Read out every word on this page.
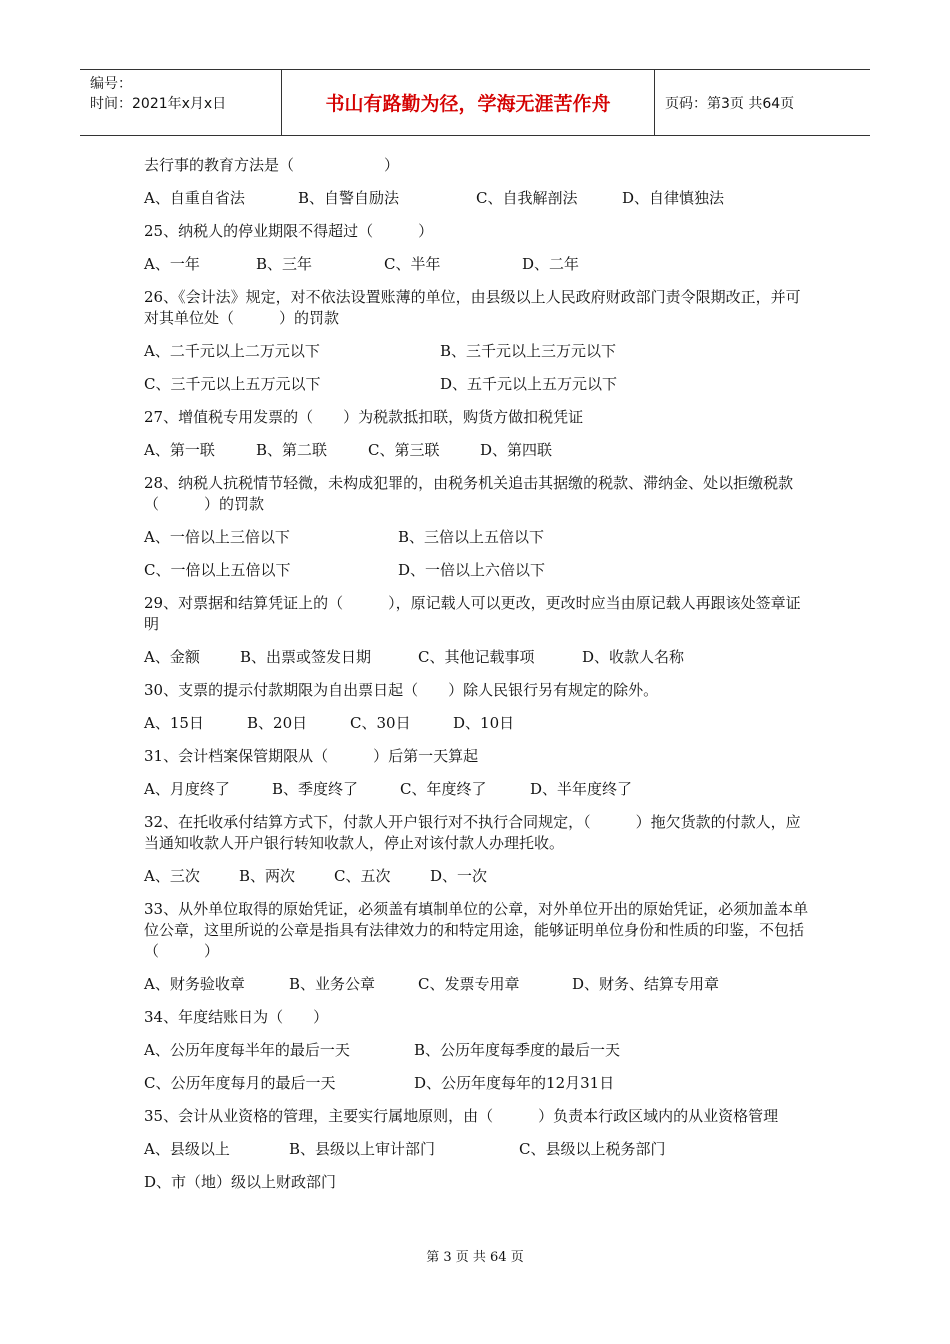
编号：
时间：2021年x月x日	书山有路勤为径，学海无涯苦作舟	页码：第3页 共64页

去行事的教育方法是（　　　　　　）

A、自重自省法	B、自警自励法	C、自我解剖法	D、自律慎独法

25、纳税人的停业期限不得超过（　　　）

A、一年	B、三年	C、半年	D、二年

26、《会计法》规定，对不依法设置账薄的单位，由县级以上人民政府财政部门责令限期改正，并可对其单位处（　　　）的罚款

A、二千元以上二万元以下	B、三千元以上三万元以下

C、三千元以上五万元以下	D、五千元以上五万元以下

27、增值税专用发票的（　　）为税款抵扣联，购货方做扣税凭证

A、第一联	B、第二联	C、第三联	D、第四联

28、纳税人抗税情节轻微，未构成犯罪的，由税务机关追击其据缴的税款、滞纳金、处以拒缴税款（　　　）的罚款

A、一倍以上三倍以下	B、三倍以上五倍以下

C、一倍以上五倍以下	D、一倍以上六倍以下

29、对票据和结算凭证上的（　　　），原记载人可以更改，更改时应当由原记载人再跟该处签章证明

A、金额	B、出票或签发日期	C、其他记载事项	D、收款人名称

30、支票的提示付款期限为自出票日起（　　）除人民银行另有规定的除外。

A、15日	B、20日	C、30日	D、10日

31、会计档案保管期限从（　　　）后第一天算起

A、月度终了	B、季度终了	C、年度终了	D、半年度终了

32、在托收承付结算方式下，付款人开户银行对不执行合同规定，（　　　）拖欠货款的付款人，应当通知收款人开户银行转知收款人，停止对该付款人办理托收。

A、三次	B、两次	C、五次	D、一次

33、从外单位取得的原始凭证，必须盖有填制单位的公章，对外单位开出的原始凭证，必须加盖本单位公章，这里所说的公章是指具有法律效力的和特定用途，能够证明单位身份和性质的印鉴，不包括（　　　）

A、财务验收章	B、业务公章	C、发票专用章	D、财务、结算专用章

34、年度结账日为（　　）

A、公历年度每半年的最后一天	B、公历年度每季度的最后一天

C、公历年度每月的最后一天	D、公历年度每年的12月31日

35、会计从业资格的管理，主要实行属地原则，由（　　　）负责本行政区域内的从业资格管理

A、县级以上	B、县级以上审计部门	C、县级以上税务部门

D、市（地）级以上财政部门

第 3 页 共 64 页
